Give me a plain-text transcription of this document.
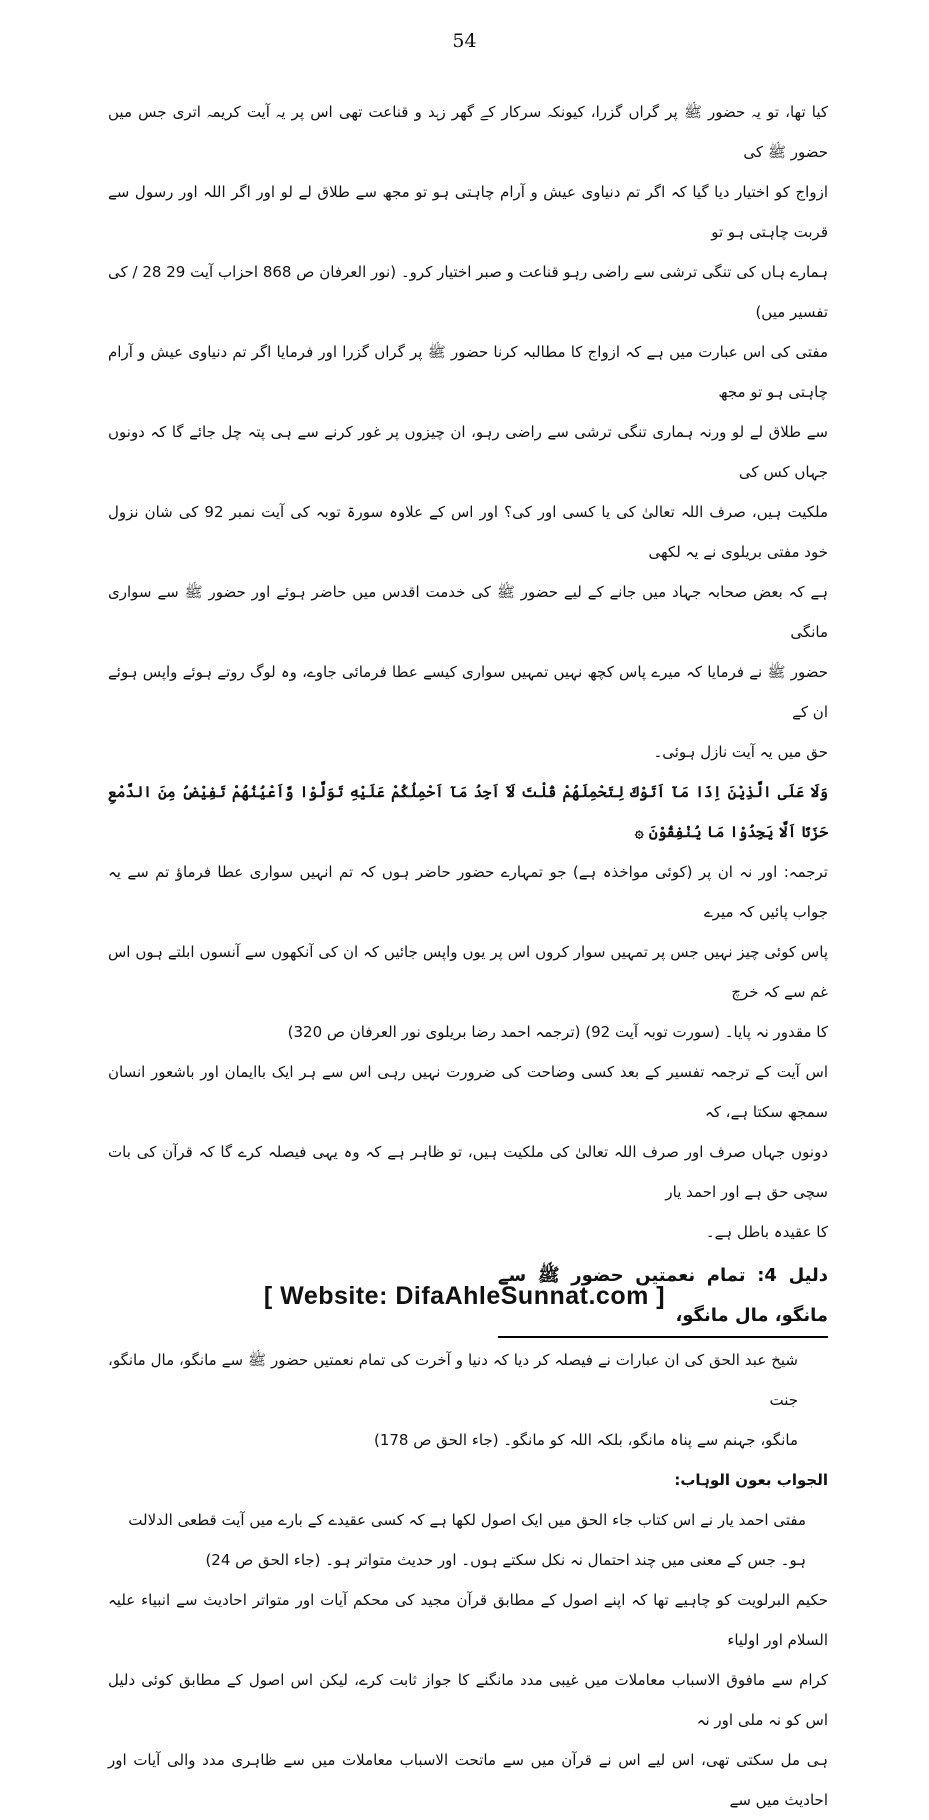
54

کیا تھا، تو یہ حضور ﷺ پر گراں گزرا، کیونکہ سرکار کے گھر زہد و قناعت تھی اس پر یہ آیت کریمہ اتری جس میں حضور ﷺ کی
ازواج کو اختیار دیا گیا کہ اگر تم دنیاوی عیش و آرام چاہتی ہو تو مجھ سے طلاق لے لو اور اگر اللہ اور رسول سے قربت چاہتی ہو تو
ہمارے ہاں کی تنگی ترشی سے راضی رہو قناعت و صبر اختیار کرو۔ (نور العرفان ص 868 احزاب آیت 29 28 / کی تفسیر میں)

مفتی کی اس عبارت میں ہے کہ ازواج کا مطالبہ کرنا حضور ﷺ پر گراں گزرا اور فرمایا اگر تم دنیاوی عیش و آرام چاہتی ہو تو مجھ
سے طلاق لے لو ورنہ ہماری تنگی ترشی سے راضی رہو، ان چیزوں پر غور کرنے سے ہی پتہ چل جائے گا کہ دونوں جہاں کس کی
ملکیت ہیں، صرف اللہ تعالیٰ کی یا کسی اور کی؟ اور اس کے علاوہ سورۃ توبہ کی آیت نمبر 92 کی شان نزول خود مفتی بریلوی نے یہ لکھی
ہے کہ بعض صحابہ جہاد میں جانے کے لیے حضور ﷺ کی خدمت اقدس میں حاضر ہوئے اور حضور ﷺ سے سواری مانگی
حضور ﷺ نے فرمایا کہ میرے پاس کچھ نہیں تمہیں سواری کیسے عطا فرمائی جاوے، وہ لوگ روتے ہوئے واپس ہوئے ان کے
حق میں یہ آیت نازل ہوئی۔

وَلَا عَلَى الَّذِيْنَ اِذَا مَآ اَتَوْكَ لِتَحْمِلَهُمْ قُلْتَ لَآ اَجِدُ مَآ اَحْمِلُكُمْ عَلَيْهِ تَوَلَّوْا وَّاَعْيُنُهُمْ تَفِيْضُ مِنَ الدَّمْعِ حَزَنًا اَلَّا يَجِدُوْا مَا يُنْفِقُوْنَ ۞

ترجمہ: اور نہ ان پر (کوئی مواخذہ ہے) جو تمہارے حضور حاضر ہوں کہ تم انہیں سواری عطا فرماؤ تم سے یہ جواب پائیں کہ میرے
پاس کوئی چیز نہیں جس پر تمہیں سوار کروں اس پر یوں واپس جائیں کہ ان کی آنکھوں سے آنسوں ابلتے ہوں اس غم سے کہ خرچ
کا مقدور نہ پایا۔ (سورت توبہ آیت 92) (ترجمہ احمد رضا بریلوی نور العرفان ص 320)

اس آیت کے ترجمہ تفسیر کے بعد کسی وضاحت کی ضرورت نہیں رہی اس سے ہر ایک باایمان اور باشعور انسان سمجھ سکتا ہے، کہ
دونوں جہاں صرف اور صرف اللہ تعالیٰ کی ملکیت ہیں، تو ظاہر ہے کہ وہ یہی فیصلہ کرے گا کہ قرآن کی بات سچی حق ہے اور احمد یار
کا عقیدہ باطل ہے۔

دلیل 4: تمام نعمتیں حضور ﷺ سے مانگو، مال مانگو،

شیخ عبد الحق کی ان عبارات نے فیصلہ کر دیا کہ دنیا و آخرت کی تمام نعمتیں حضور ﷺ سے مانگو، مال مانگو، جنت
مانگو، جہنم سے پناہ مانگو، بلکہ اللہ کو مانگو۔ (جاء الحق ص 178)

الجواب بعون الوہاب:

مفتی احمد یار نے اس کتاب جاء الحق میں ایک اصول لکھا ہے کہ کسی عقیدے کے بارے میں آیت قطعی الدلالت
ہو۔ جس کے معنی میں چند احتمال نہ نکل سکتے ہوں۔ اور حدیث متواتر ہو۔ (جاء الحق ص 24)

حکیم البرلویت کو چاہیے تھا کہ اپنے اصول کے مطابق قرآن مجید کی محکم آیات اور متواتر احادیث سے انبیاء علیہ السلام اور اولیاء
کرام سے مافوق الاسباب معاملات میں غیبی مدد مانگنے کا جواز ثابت کرے، لیکن اس اصول کے مطابق کوئی دلیل اس کو نہ ملی اور نہ
ہی مل سکتی تھی، اس لیے اس نے قرآن میں سے ماتحت الاسباب معاملات میں سے ظاہری مدد والی آیات اور احادیث میں سے

[ Website: DifaAhleSunnat.com ]
